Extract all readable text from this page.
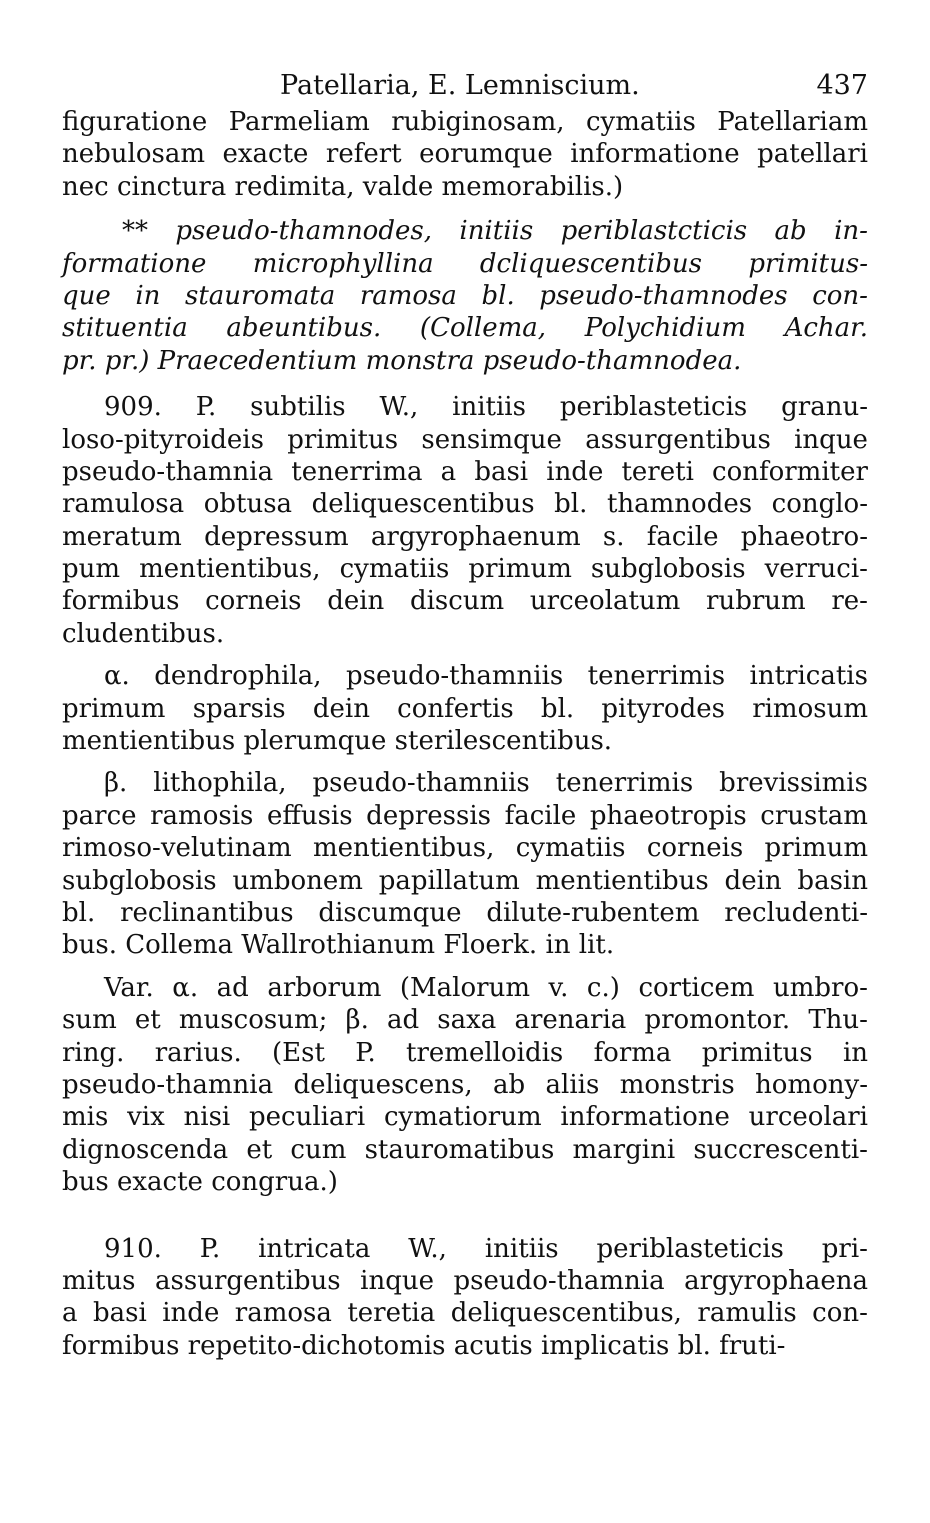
Patellaria, E. Lemniscium.	437
figuratione Parmeliam rubiginosam, cymatiis Patellariam
nebulosam exacte refert eorumque informatione patellari
nec cinctura redimita, valde memorabilis.)
** pseudo-thamnodes, initiis periblastcticis ab in-
formatione microphyllina dcliquescentibus primitus-
que in stauromata ramosa bl. pseudo-thamnodes con-
stituentia abeuntibus. (Collema, Polychidium Achar.
pr. pr.) Praecedentium monstra pseudo-thamnodea.
909. P. subtilis W., initiis periblasteticis granu-
loso-pityroideis primitus sensimque assurgentibus inque
pseudo-thamnia tenerrima a basi inde tereti conformiter
ramulosa obtusa deliquescentibus bl. thamnodes conglo-
meratum depressum argyrophaenum s. facile phaeotro-
pum mentientibus, cymatiis primum subglobosis verruci-
formibus corneis dein discum urceolatum rubrum re-
cludentibus.
α. dendrophila, pseudo-thamniis tenerrimis intricatis
primum sparsis dein confertis bl. pityrodes rimosum
mentientibus plerumque sterilescentibus.
β. lithophila, pseudo-thamniis tenerrimis brevissimis
parce ramosis effusis depressis facile phaeotropis crustam
rimoso-velutinam mentientibus, cymatiis corneis primum
subglobosis umbonem papillatum mentientibus dein basin
bl. reclinantibus discumque dilute-rubentem recludenti-
bus. Collema Wallrothianum Floerk. in lit.
Var. α. ad arborum (Malorum v. c.) corticem umbro-
sum et muscosum; β. ad saxa arenaria promontor. Thu-
ring. rarius. (Est P. tremelloidis forma primitus in
pseudo-thamnia deliquescens, ab aliis monstris homony-
mis vix nisi peculiari cymatiorum informatione urceolari
dignoscenda et cum stauromatibus margini succrescenti-
bus exacte congrua.)
910. P. intricata W., initiis periblasteticis pri-
mitus assurgentibus inque pseudo-thamnia argyrophaena
a basi inde ramosa teretia deliquescentibus, ramulis con-
formibus repetito-dichotomis acutis implicatis bl. fruti-
